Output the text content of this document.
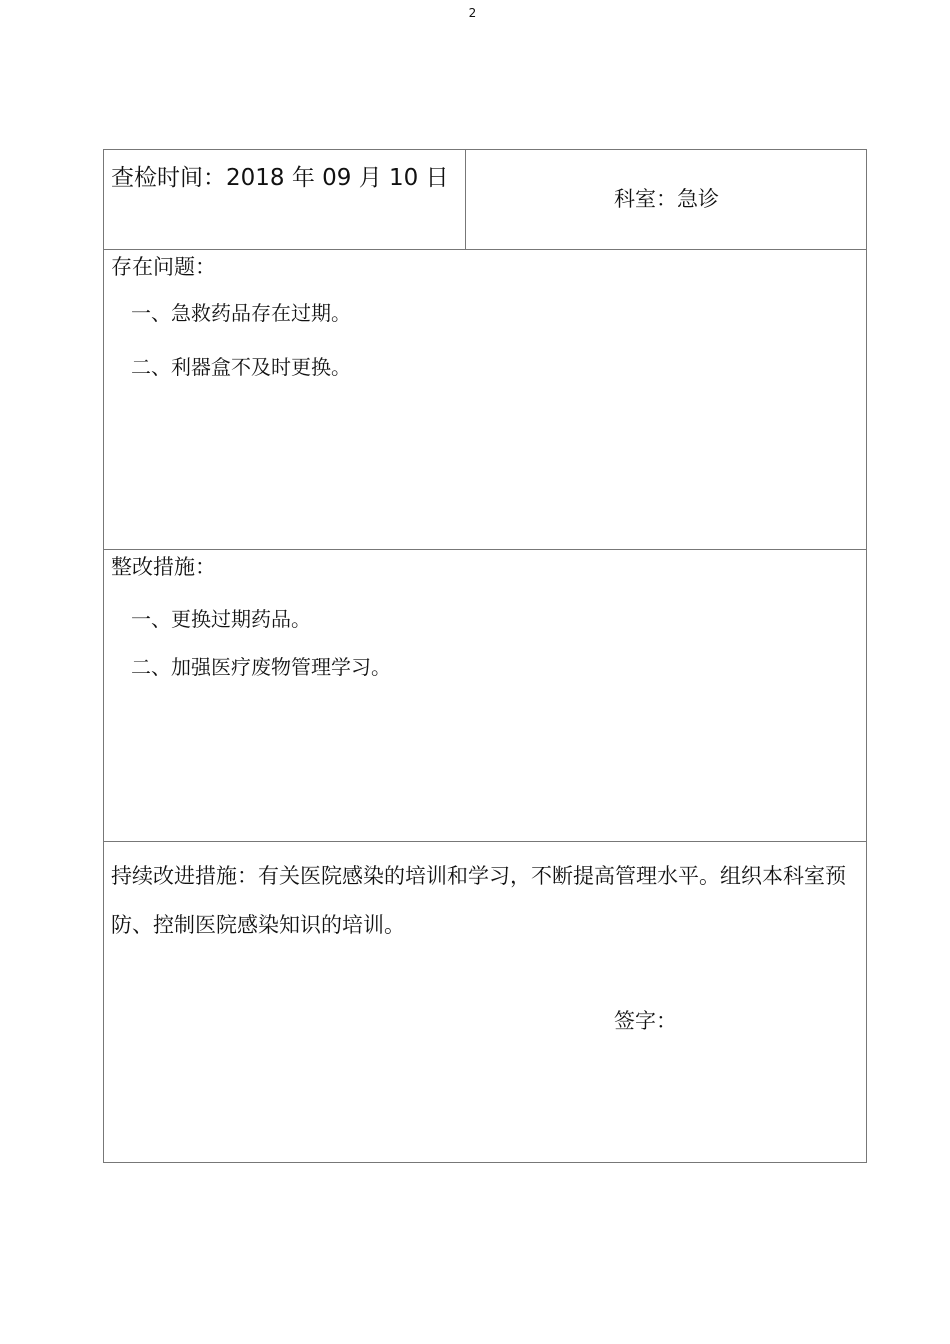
2
查检时间：2018 年 09 月 10 日
科室：急诊
存在问题：
一、急救药品存在过期。
二、利器盒不及时更换。
整改措施：
一、更换过期药品。
二、加强医疗废物管理学习。
持续改进措施：有关医院感染的培训和学习，不断提高管理水平。组织本科室预防、控制医院感染知识的培训。
签字：
